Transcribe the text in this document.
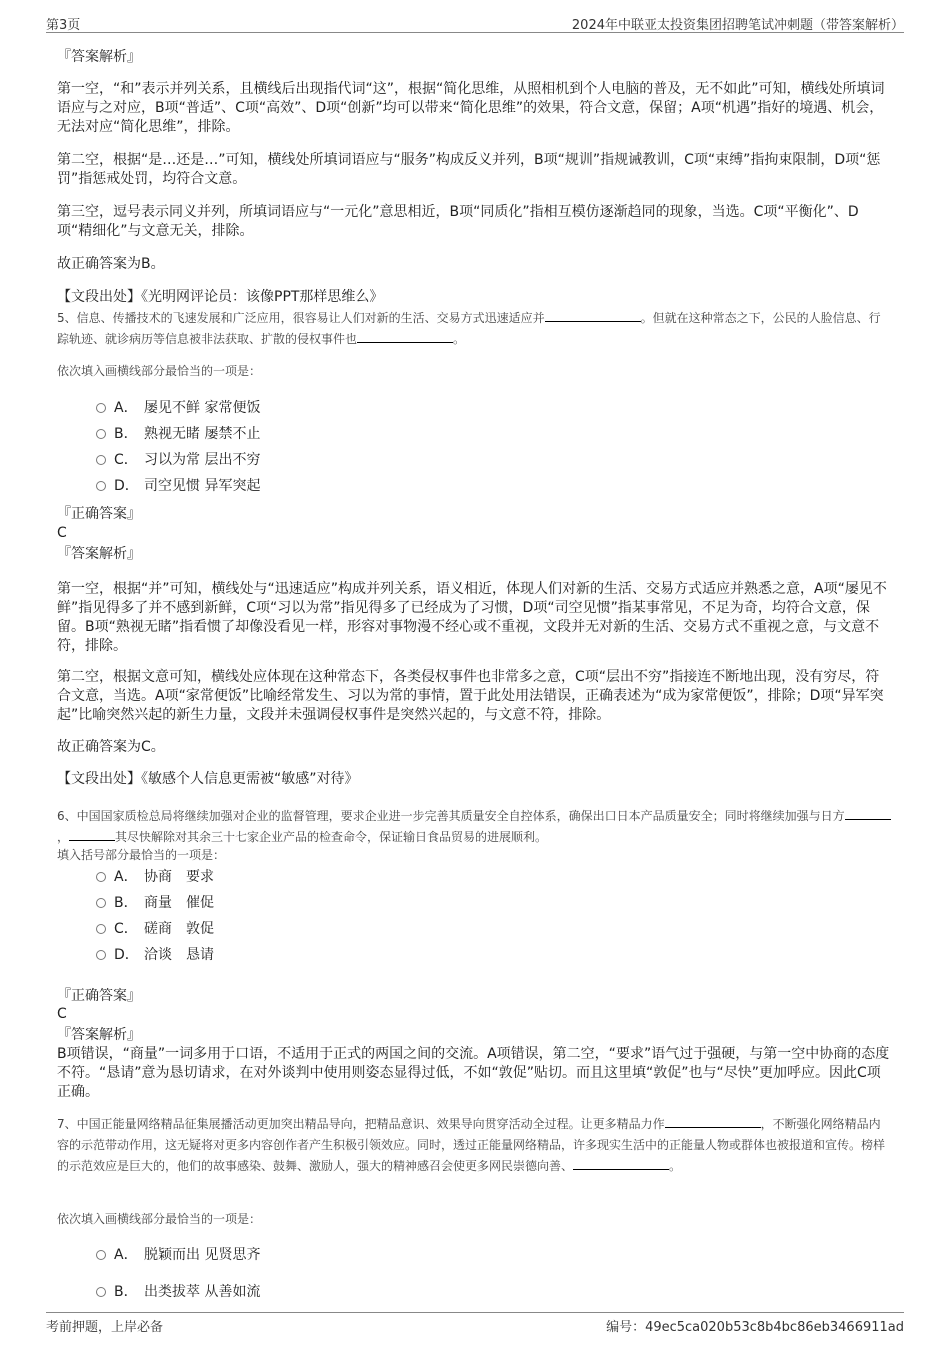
第3页	2024年中联亚太投资集团招聘笔试冲刺题（带答案解析）
『答案解析』

第一空，“和”表示并列关系，且横线后出现指代词“这”，根据“简化思维，从照相机到个人电脑的普及，无不如此”可知，横线处所填词语应与之对应，B项“普适”、C项“高效”、D项“创新”均可以带来“简化思维”的效果，符合文意，保留；A项“机遇”指好的境遇、机会，无法对应“简化思维”，排除。

第二空，根据“是…还是…”可知，横线处所填词语应与“服务”构成反义并列，B项“规训”指规诫教训，C项“束缚”指拘束限制，D项“惩罚”指惩戒处罚，均符合文意。

第三空，逗号表示同义并列，所填词语应与“一元化”意思相近，B项“同质化”指相互模仿逐渐趋同的现象，当选。C项“平衡化”、D项“精细化”与文意无关，排除。

故正确答案为B。
【文段出处】《光明网评论员：该像PPT那样思维么》

5、信息、传播技术的飞速发展和广泛应用，很容易让人们对新的生活、交易方式迅速适应并	。但就在这种常态之下，公民的人脸信息、行踪轨迹、就诊病历等信息被非法获取、扩散的侵权事件也	。

依次填入画横线部分最恰当的一项是：
A． 屡见不鲜 家常便饭
B． 熟视无睹 屡禁不止
C． 习以为常 层出不穷
D． 司空见惯 异军突起
『正确答案』
C
『答案解析』

第一空，根据“并”可知，横线处与“迅速适应”构成并列关系，语义相近，体现人们对新的生活、交易方式适应并熟悉之意，A项“屡见不鲜”指见得多了并不感到新鲜，C项“习以为常”指见得多了已经成为了习惯，D项“司空见惯”指某事常见，不足为奇，均符合文意，保留。B项“熟视无睹”指看惯了却像没看见一样，形容对事物漫不经心或不重视，文段并无对新的生活、交易方式不重视之意，与文意不符，排除。

第二空，根据文意可知，横线处应体现在这种常态下，各类侵权事件也非常多之意，C项“层出不穷”指接连不断地出现，没有穷尽，符合文意，当选。A项“家常便饭”比喻经常发生、习以为常的事情，置于此处用法错误，正确表述为“成为家常便饭”，排除；D项“异军突起”比喻突然兴起的新生力量，文段并未强调侵权事件是突然兴起的，与文意不符，排除。

故正确答案为C。
【文段出处】《敏感个人信息更需被“敏感”对待》

6、中国国家质检总局将继续加强对企业的监督管理，要求企业进一步完善其质量安全自控体系，确保出口日本产品质量安全；同时将继续加强与日方，	其尽快解除对其余三十七家企业产品的检查命令，保证输日食品贸易的进展顺利。

填入括号部分最恰当的一项是：
A． 协商　要求
B． 商量　催促
C． 磋商　敦促
D． 洽谈　恳请
『正确答案』
C
『答案解析』

B项错误，“商量”一词多用于口语，不适用于正式的两国之间的交流。A项错误，第二空，“要求”语气过于强硬，与第一空中协商的态度不符。“恳请”意为恳切请求，在对外谈判中使用则姿态显得过低，不如“敦促”贴切。而且这里填“敦促”也与“尽快”更加呼应。因此C项正确。

7、中国正能量网络精品征集展播活动更加突出精品导向，把精品意识、效果导向贯穿活动全过程。让更多精品力作	，不断强化网络精品内容的示范带动作用，这无疑将对更多内容创作者产生积极引领效应。同时，透过正能量网络精品，许多现实生活中的正能量人物或群体也被报道和宣传。榜样的示范效应是巨大的，他们的故事感染、鼓舞、激励人，强大的精神感召会使更多网民崇德向善、	。

依次填入画横线部分最恰当的一项是：
A． 脱颖而出 见贤思齐
B． 出类拔萃 从善如流
考前押题，上岸必备	编号：49ec5ca020b53c8b4bc86eb3466911ad
